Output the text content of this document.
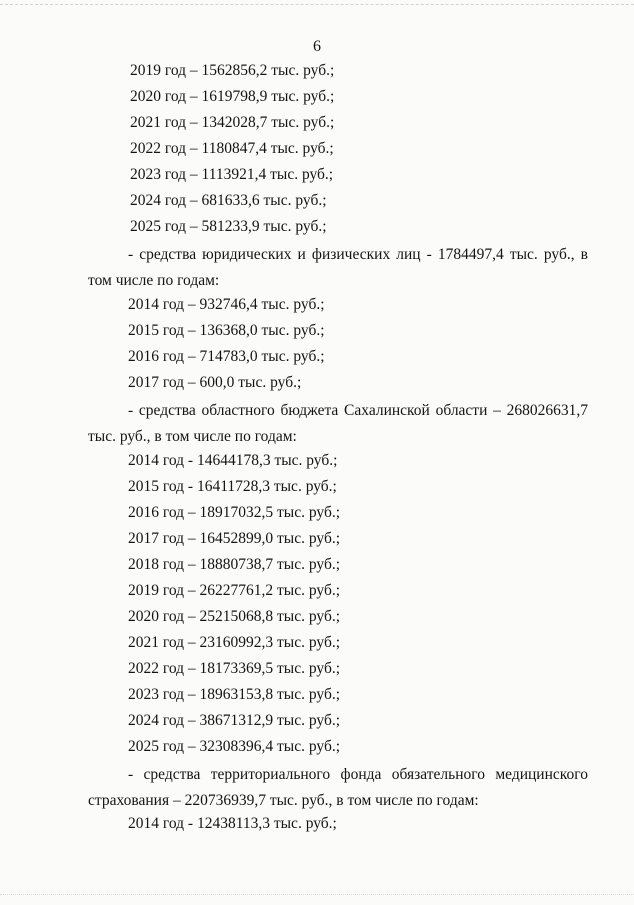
6
2019 год – 1562856,2 тыс. руб.;
2020 год – 1619798,9 тыс. руб.;
2021 год – 1342028,7 тыс. руб.;
2022 год – 1180847,4 тыс. руб.;
2023 год – 1113921,4 тыс. руб.;
2024 год – 681633,6 тыс. руб.;
2025 год – 581233,9 тыс. руб.;
- средства юридических и физических лиц - 1784497,4 тыс. руб., в том числе по годам:
2014 год – 932746,4 тыс. руб.;
2015 год – 136368,0 тыс. руб.;
2016 год – 714783,0 тыс. руб.;
2017 год – 600,0 тыс. руб.;
- средства областного бюджета Сахалинской области – 268026631,7 тыс. руб., в том числе по годам:
2014 год - 14644178,3 тыс. руб.;
2015 год - 16411728,3 тыс. руб.;
2016 год – 18917032,5 тыс. руб.;
2017 год – 16452899,0 тыс. руб.;
2018 год – 18880738,7 тыс. руб.;
2019 год – 26227761,2 тыс. руб.;
2020 год – 25215068,8 тыс. руб.;
2021 год – 23160992,3 тыс. руб.;
2022 год – 18173369,5 тыс. руб.;
2023 год – 18963153,8 тыс. руб.;
2024 год – 38671312,9 тыс. руб.;
2025 год – 32308396,4 тыс. руб.;
- средства территориального фонда обязательного медицинского страхования – 220736939,7 тыс. руб., в том числе по годам:
2014 год - 12438113,3 тыс. руб.;
